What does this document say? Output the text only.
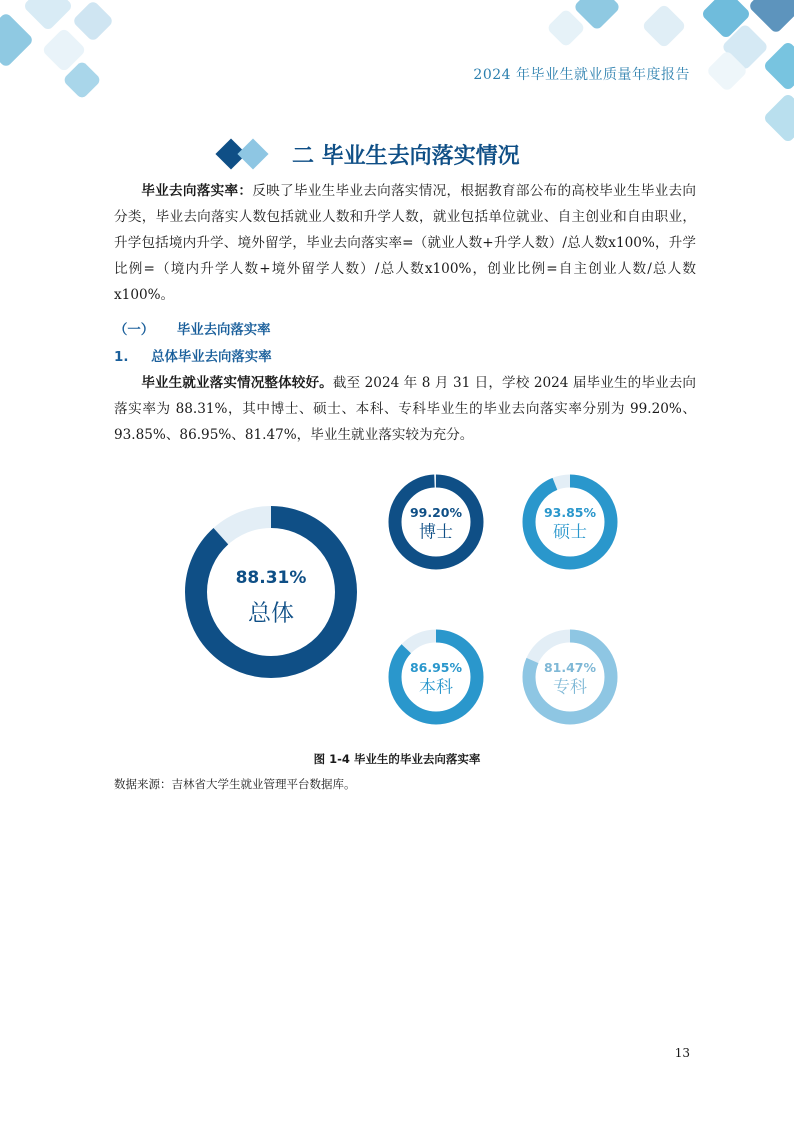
2024 年毕业生就业质量年度报告
二 毕业生去向落实情况
毕业去向落实率：反映了毕业生毕业去向落实情况，根据教育部公布的高校毕业生毕业去向分类，毕业去向落实人数包括就业人数和升学人数，就业包括单位就业、自主创业和自由职业，升学包括境内升学、境外留学，毕业去向落实率=（就业人数+升学人数）/总人数x100%，升学比例=（境内升学人数+境外留学人数）/总人数x100%，创业比例=自主创业人数/总人数x100%。
（一） 毕业去向落实率
1. 总体毕业去向落实率
毕业生就业落实情况整体较好。截至 2024 年 8 月 31 日，学校 2024 届毕业生的毕业去向落实率为 88.31%，其中博士、硕士、本科、专科毕业生的毕业去向落实率分别为 99.20%、93.85%、86.95%、81.47%，毕业生就业落实较为充分。
88.31%
总体
99.20%
博士
93.85%
硕士
86.95%
本科
81.47%
专科
图 1-4 毕业生的毕业去向落实率
数据来源：吉林省大学生就业管理平台数据库。
13
